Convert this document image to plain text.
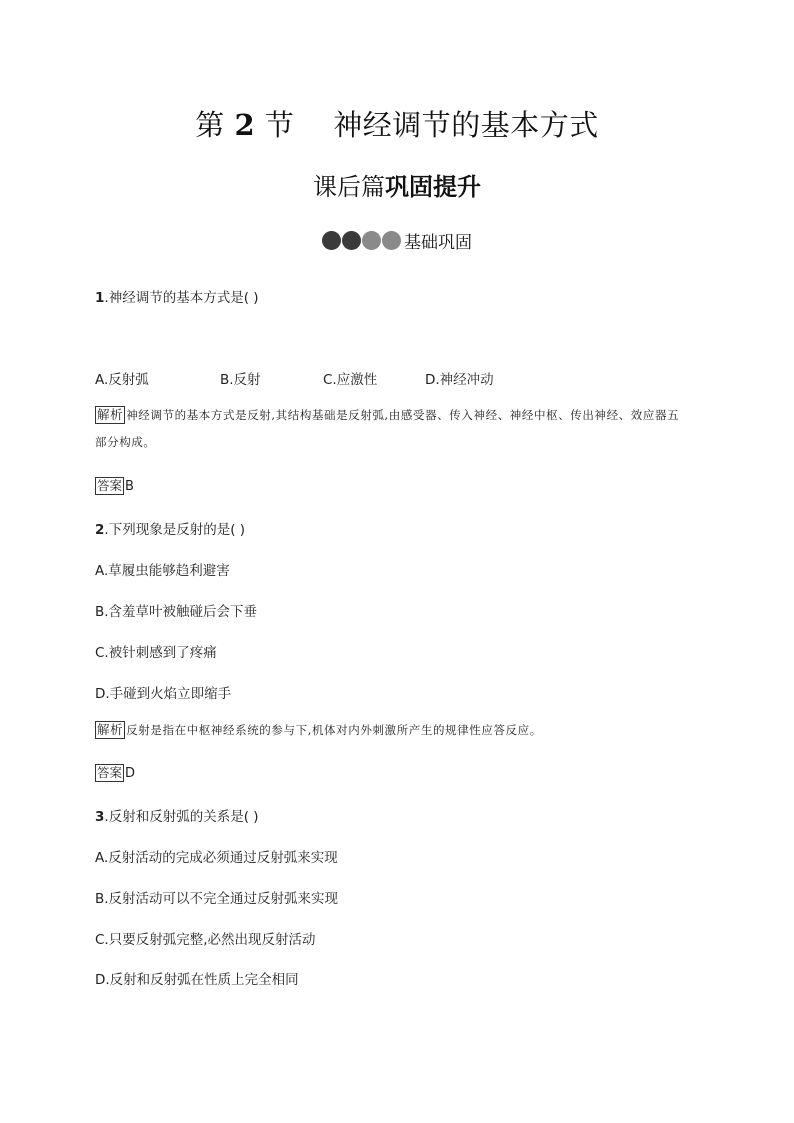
第 2 节    神经调节的基本方式
课后篇巩固提升
基础巩固
1.神经调节的基本方式是( )
A.反射弧	B.反射	C.应激性	D.神经冲动
解析 神经调节的基本方式是反射,其结构基础是反射弧,由感受器、传入神经、神经中枢、传出神经、效应器五部分构成。
答案 B
2.下列现象是反射的是( )
A.草履虫能够趋利避害
B.含羞草叶被触碰后会下垂
C.被针刺感到了疼痛
D.手碰到火焰立即缩手
解析 反射是指在中枢神经系统的参与下,机体对内外刺激所产生的规律性应答反应。
答案 D
3.反射和反射弧的关系是( )
A.反射活动的完成必须通过反射弧来实现
B.反射活动可以不完全通过反射弧来实现
C.只要反射弧完整,必然出现反射活动
D.反射和反射弧在性质上完全相同
